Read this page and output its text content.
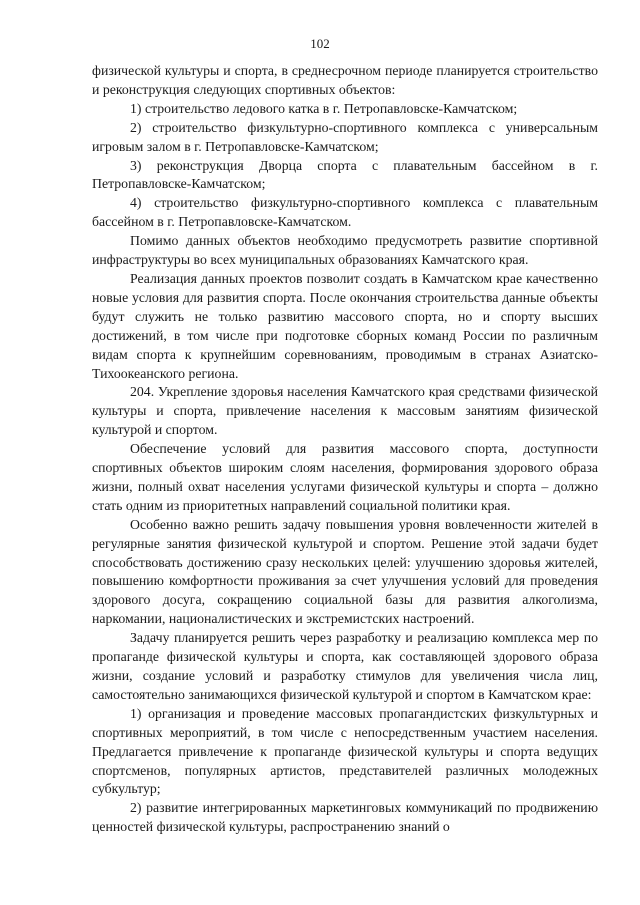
102

физической культуры и спорта, в среднесрочном периоде планируется строительство и реконструкция следующих спортивных объектов:

1) строительство ледового катка в г. Петропавловске-Камчатском;

2) строительство физкультурно-спортивного комплекса с универсальным игровым залом в г. Петропавловске-Камчатском;

3) реконструкция Дворца спорта с плавательным бассейном в г. Петропавловске-Камчатском;

4) строительство физкультурно-спортивного комплекса с плавательным бассейном в г. Петропавловске-Камчатском.

Помимо данных объектов необходимо предусмотреть развитие спортивной инфраструктуры во всех муниципальных образованиях Камчатского края.

Реализация данных проектов позволит создать в Камчатском крае качественно новые условия для развития спорта. После окончания строительства данные объекты будут служить не только развитию массового спорта, но и спорту высших достижений, в том числе при подготовке сборных команд России по различным видам спорта к крупнейшим соревнованиям, проводимым в странах Азиатско-Тихоокеанского региона.

204. Укрепление здоровья населения Камчатского края средствами физической культуры и спорта, привлечение населения к массовым занятиям физической культурой и спортом.

Обеспечение условий для развития массового спорта, доступности спортивных объектов широким слоям населения, формирования здорового образа жизни, полный охват населения услугами физической культуры и спорта – должно стать одним из приоритетных направлений социальной политики края.

Особенно важно решить задачу повышения уровня вовлеченности жителей в регулярные занятия физической культурой и спортом. Решение этой задачи будет способствовать достижению сразу нескольких целей: улучшению здоровья жителей, повышению комфортности проживания за счет улучшения условий для проведения здорового досуга, сокращению социальной базы для развития алкоголизма, наркомании, националистических и экстремистских настроений.

Задачу планируется решить через разработку и реализацию комплекса мер по пропаганде физической культуры и спорта, как составляющей здорового образа жизни, создание условий и разработку стимулов для увеличения числа лиц, самостоятельно занимающихся физической культурой и спортом в Камчатском крае:

1) организация и проведение массовых пропагандистских физкультурных и спортивных мероприятий, в том числе с непосредственным участием населения. Предлагается привлечение к пропаганде физической культуры и спорта ведущих спортсменов, популярных артистов, представителей различных молодежных субкультур;

2) развитие интегрированных маркетинговых коммуникаций по продвижению ценностей физической культуры, распространению знаний о
